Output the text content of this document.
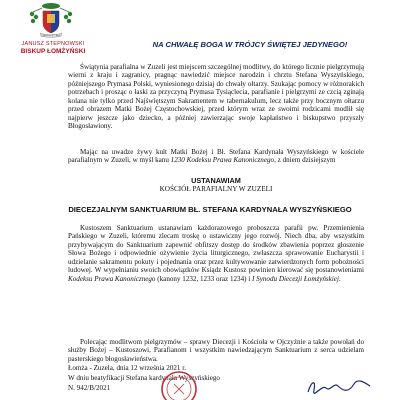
GRATIA ET PAX
JANUSZ STEPNOWSKI
BISKUP ŁOMŻYŃSKI
NA CHWAŁĘ BOGA W TRÓJCY ŚWIĘTEJ JEDYNEGO!
Świątynia parafialna w Zuzeli jest miejscem szczególnej modlitwy, do którego licznie pielgrzymują wierni z kraju i zagranicy, pragnąc nawiedzić miejsce narodzin i chrztu Stefana Wyszyńskiego, późniejszego Prymasa Polski, wyniesionego dzisiaj do chwały ołtarzy. Szukając pomocy w różnorakich potrzebach i prosząc o łaski za przyczyną Prymasa Tysiąclecia, parafianie i pielgrzymi ze czcią zginają kolana nie tylko przed Najświętszym Sakramentem w tabernakulum, lecz także przy bocznym ołtarzu przed obrazem Matki Bożej Częstochowskiej, przed którym wraz ze swoimi rodzicami modlił się najpierw jeszcze jako dziecko, a później zawierzając swoje kapłaństwo i biskupstwo przyszły Błogosławiony.
Mając na uwadze żywy kult Matki Bożej i Bł. Stefana Kardynała Wyszyńskiego w kościele parafialnym w Zuzeli, w myśl kanu 1230 Kodeksu Prawa Kanonicznego, z dniem dzisiejszym
USTANAWIAM
KOŚCIÓŁ PARAFIALNY W ZUZELI
DIECEZJALNYM SANKTUARIUM BŁ. STEFANA KARDYNAŁA WYSZYŃSKIEGO
Kustoszem Sanktuarium ustanawiam każdorazowego proboszcza parafii pw. Przemienienia Pańskiego w Zuzeli, któremu zlecam troskę o ustawiczny jego rozwój. Niech dba, aby wszystkim przybywającym do Sanktuarium zapewnić obfitszy dostęp do środków zbawienia poprzez głoszenie Słowa Bożego i odpowiednie ożywienie życia liturgicznego, zwłaszcza sprawowanie Eucharystii i udzielanie sakramentu pokuty i pojednania oraz przez kultywowanie zatwierdzonych form pobożności ludowej. W wypełnianiu swoich obowiązków Ksiądz Kustosz powinien kierować się postanowieniami Kodeksu Prawa Kanonicznego (kanony 1232, 1233 oraz 1234) i I Synodu Diecezji Łomżyńskiej.
Polecając modlitwom pielgrzymów – sprawy Diecezji i Kościoła w Ojczyźnie a także powołań do służby Bożej – Kustoszowi, Parafianom i wszystkim nawiedzającym Sanktuarium z serca udzielam pasterskiego błogosławieństwa.
Łomża - Zuzela, dnia 12 września 2021 r.
W dniu beatyfikacji Stefana kardynała Wyszyńskiego
N. 942/B/2021
